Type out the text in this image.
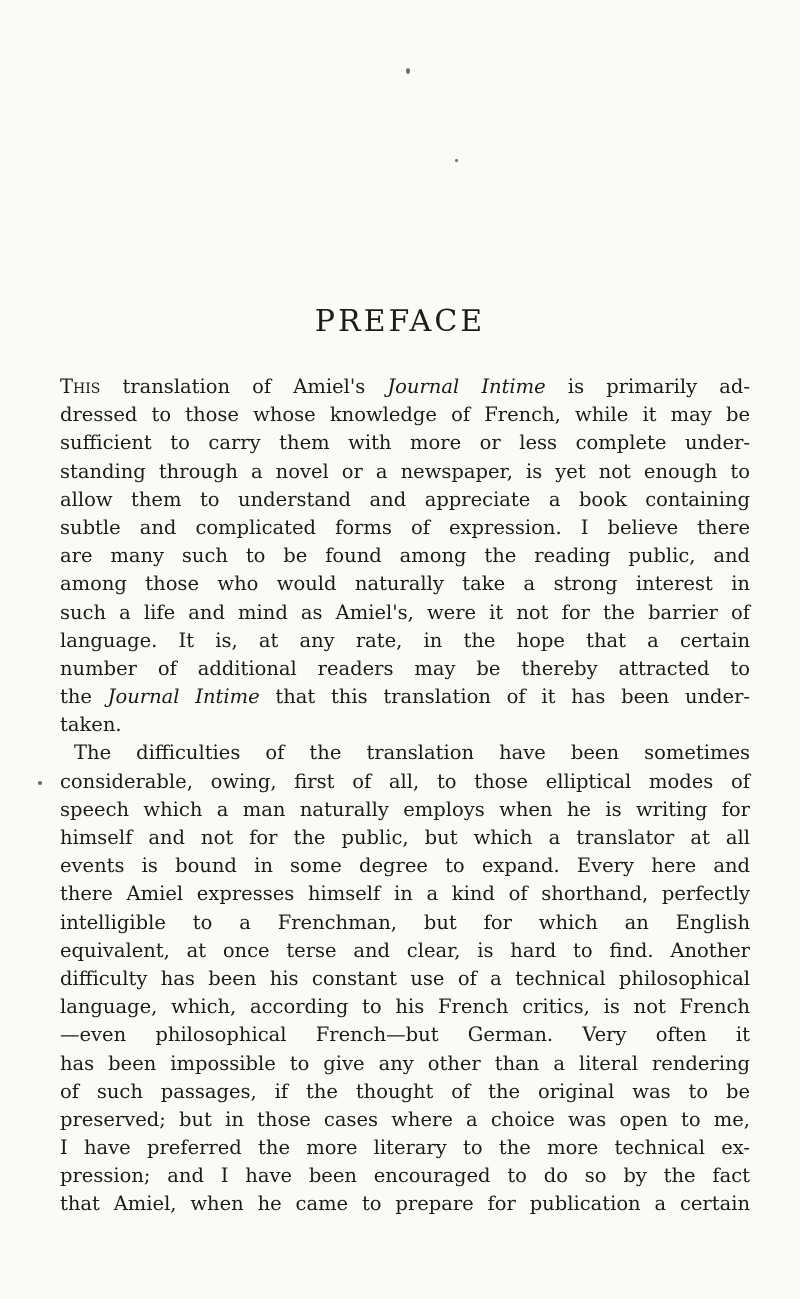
PREFACE
This translation of Amiel's Journal Intime is primarily ad-
dressed to those whose knowledge of French, while it may be
sufficient to carry them with more or less complete under-
standing through a novel or a newspaper, is yet not enough to
allow them to understand and appreciate a book containing
subtle and complicated forms of expression. I believe there
are many such to be found among the reading public, and
among those who would naturally take a strong interest in
such a life and mind as Amiel's, were it not for the barrier of
language. It is, at any rate, in the hope that a certain
number of additional readers may be thereby attracted to
the Journal Intime that this translation of it has been under-
taken.
The difficulties of the translation have been sometimes
considerable, owing, first of all, to those elliptical modes of
speech which a man naturally employs when he is writing for
himself and not for the public, but which a translator at all
events is bound in some degree to expand. Every here and
there Amiel expresses himself in a kind of shorthand, perfectly
intelligible to a Frenchman, but for which an English
equivalent, at once terse and clear, is hard to find. Another
difficulty has been his constant use of a technical philosophical
language, which, according to his French critics, is not French
—even philosophical French—but German. Very often it
has been impossible to give any other than a literal rendering
of such passages, if the thought of the original was to be
preserved; but in those cases where a choice was open to me,
I have preferred the more literary to the more technical ex-
pression; and I have been encouraged to do so by the fact
that Amiel, when he came to prepare for publication a certain
